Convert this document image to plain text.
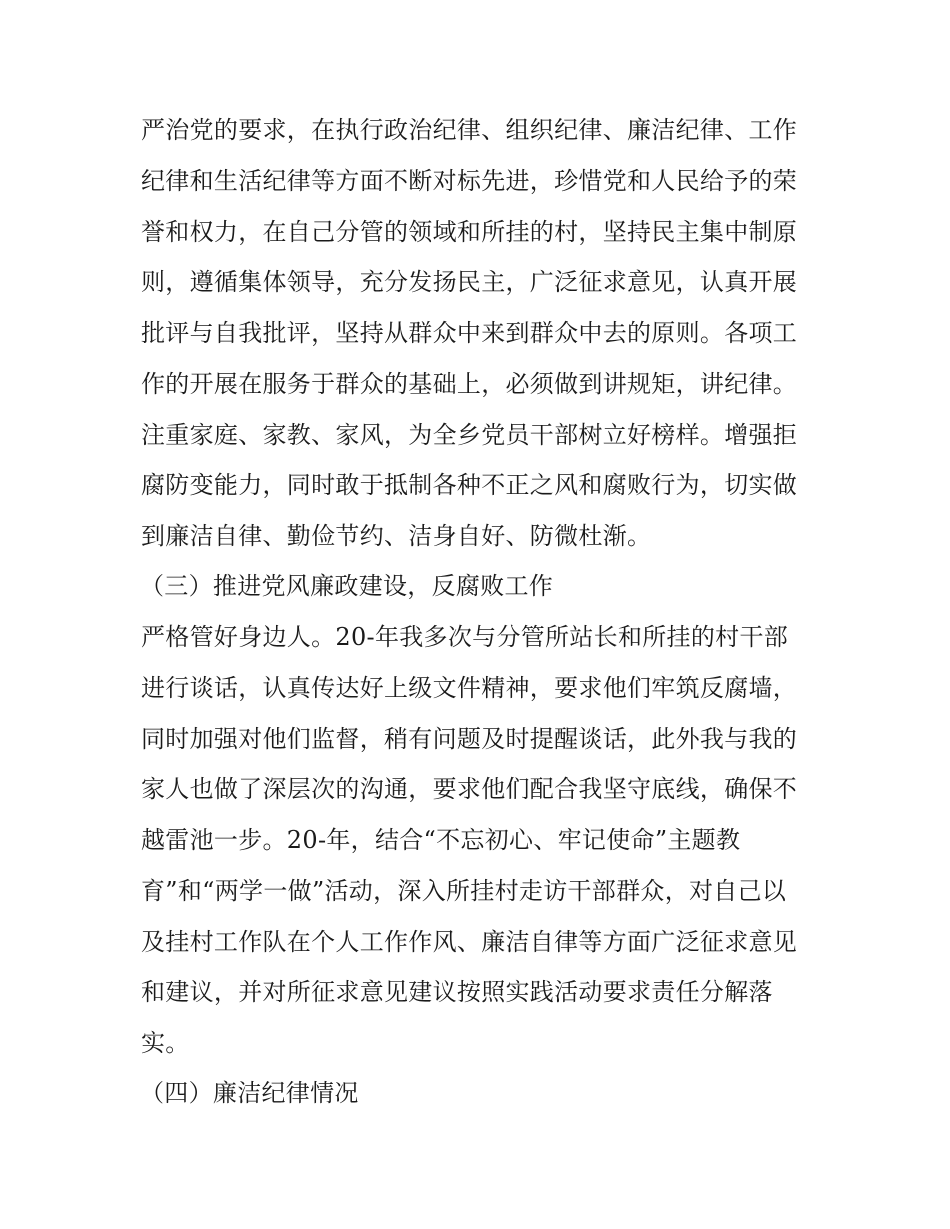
严治党的要求，在执行政治纪律、组织纪律、廉洁纪律、工作
纪律和生活纪律等方面不断对标先进，珍惜党和人民给予的荣
誉和权力，在自己分管的领域和所挂的村，坚持民主集中制原
则，遵循集体领导，充分发扬民主，广泛征求意见，认真开展
批评与自我批评，坚持从群众中来到群众中去的原则。各项工
作的开展在服务于群众的基础上，必须做到讲规矩，讲纪律。
注重家庭、家教、家风，为全乡党员干部树立好榜样。增强拒
腐防变能力，同时敢于抵制各种不正之风和腐败行为，切实做
到廉洁自律、勤俭节约、洁身自好、防微杜渐。
（三）推进党风廉政建设，反腐败工作
严格管好身边人。20-年我多次与分管所站长和所挂的村干部
进行谈话，认真传达好上级文件精神，要求他们牢筑反腐墙，
同时加强对他们监督，稍有问题及时提醒谈话，此外我与我的
家人也做了深层次的沟通，要求他们配合我坚守底线，确保不
越雷池一步。20-年，结合“不忘初心、牢记使命”主题教
育”和“两学一做”活动，深入所挂村走访干部群众，对自己以
及挂村工作队在个人工作作风、廉洁自律等方面广泛征求意见
和建议，并对所征求意见建议按照实践活动要求责任分解落
实。
（四）廉洁纪律情况
